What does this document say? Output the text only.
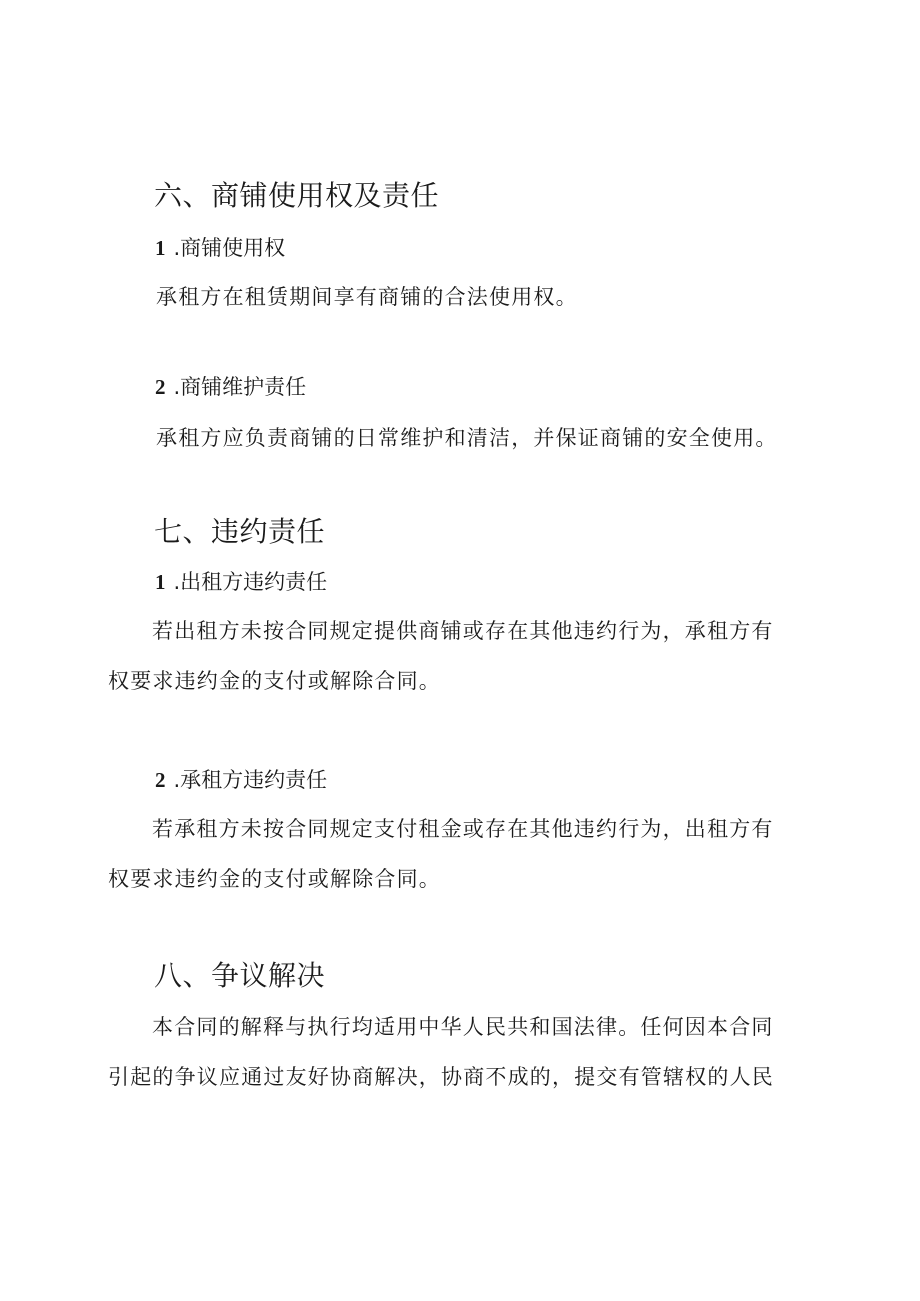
六、商铺使用权及责任
1 .商铺使用权
承租方在租赁期间享有商铺的合法使用权。
2 .商铺维护责任
承租方应负责商铺的日常维护和清洁，并保证商铺的安全使用。
七、违约责任
1 .出租方违约责任
若出租方未按合同规定提供商铺或存在其他违约行为，承租方有
权要求违约金的支付或解除合同。
2 .承租方违约责任
若承租方未按合同规定支付租金或存在其他违约行为，出租方有
权要求违约金的支付或解除合同。
八、争议解决
本合同的解释与执行均适用中华人民共和国法律。任何因本合同
引起的争议应通过友好协商解决，协商不成的，提交有管辖权的人民
